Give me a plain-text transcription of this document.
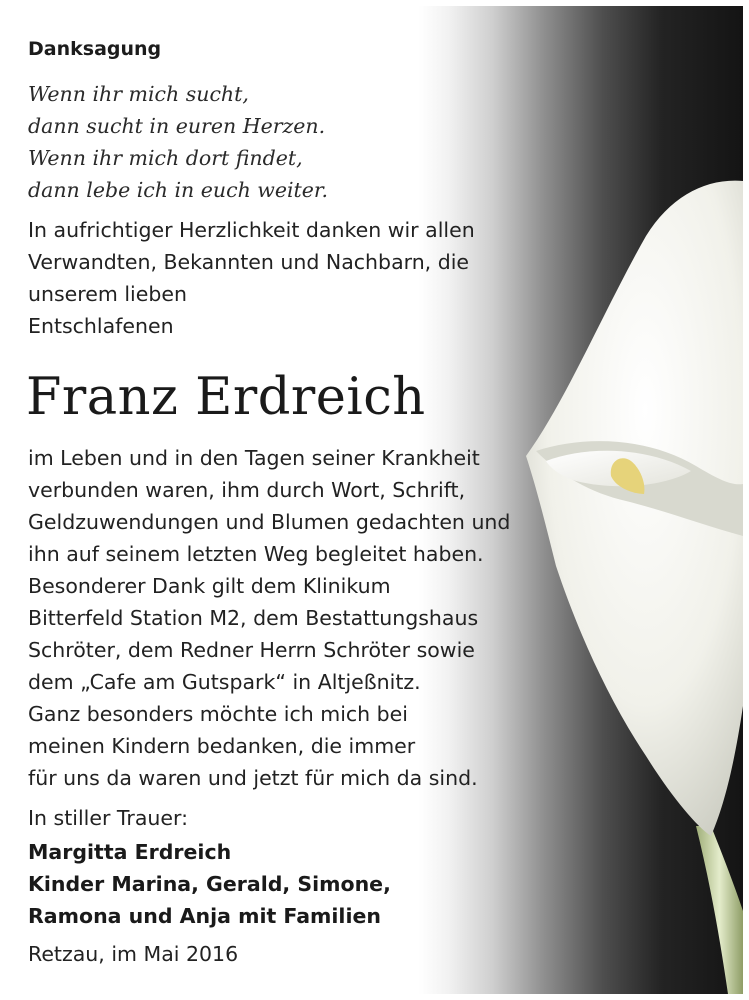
Danksagung
Wenn ihr mich sucht,
dann sucht in euren Herzen.
Wenn ihr mich dort findet,
dann lebe ich in euch weiter.
In aufrichtiger Herzlichkeit danken wir allen
Verwandten, Bekannten und Nachbarn, die
unserem lieben
Entschlafenen
Franz Erdreich
im Leben und in den Tagen seiner Krankheit
verbunden waren, ihm durch Wort, Schrift,
Geldzuwendungen und Blumen gedachten und
ihn auf seinem letzten Weg begleitet haben.
Besonderer Dank gilt dem Klinikum
Bitterfeld Station M2, dem Bestattungshaus
Schröter, dem Redner Herrn Schröter sowie
dem „Cafe am Gutspark“ in Altjeßnitz.
Ganz besonders möchte ich mich bei
meinen Kindern bedanken, die immer
für uns da waren und jetzt für mich da sind.
In stiller Trauer:
Margitta Erdreich
Kinder Marina, Gerald, Simone,
Ramona und Anja mit Familien
Retzau, im Mai 2016
